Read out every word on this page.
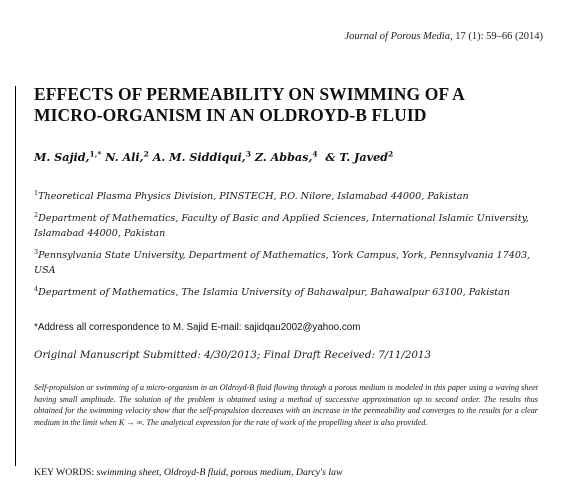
Journal of Porous Media, 17 (1): 59–66 (2014)
EFFECTS OF PERMEABILITY ON SWIMMING OF A
MICRO-ORGANISM IN AN OLDROYD-B FLUID
M. Sajid,$^{1,*}$ N. Ali,$^2$ A. M. Siddiqui,$^3$ Z. Abbas,$^4$ & T. Javed$^2$
$^1$Theoretical Plasma Physics Division, PINSTECH, P.O. Nilore, Islamabad 44000, Pakistan
$^2$Department of Mathematics, Faculty of Basic and Applied Sciences, International Islamic University, Islamabad 44000, Pakistan
$^3$Pennsylvania State University, Department of Mathematics, York Campus, York, Pennsylvania 17403, USA
$^4$Department of Mathematics, The Islamia University of Bahawalpur, Bahawalpur 63100, Pakistan
*Address all correspondence to M. Sajid E-mail: sajidqau2002@yahoo.com
Original Manuscript Submitted: 4/30/2013; Final Draft Received: 7/11/2013
Self-propulsion or swimming of a micro-organism in an Oldroyd-B fluid flowing through a porous medium is modeled in this paper using a waving sheet having small amplitude. The solution of the problem is obtained using a method of successive approximation up to second order. The results thus obtained for the swimming velocity show that the self-propulsion decreases with an increase in the permeability and converges to the results for a clear medium in the limit when K → ∞. The analytical expression for the rate of work of the propelling sheet is also provided.
KEY WORDS: swimming sheet, Oldroyd-B fluid, porous medium, Darcy's law
